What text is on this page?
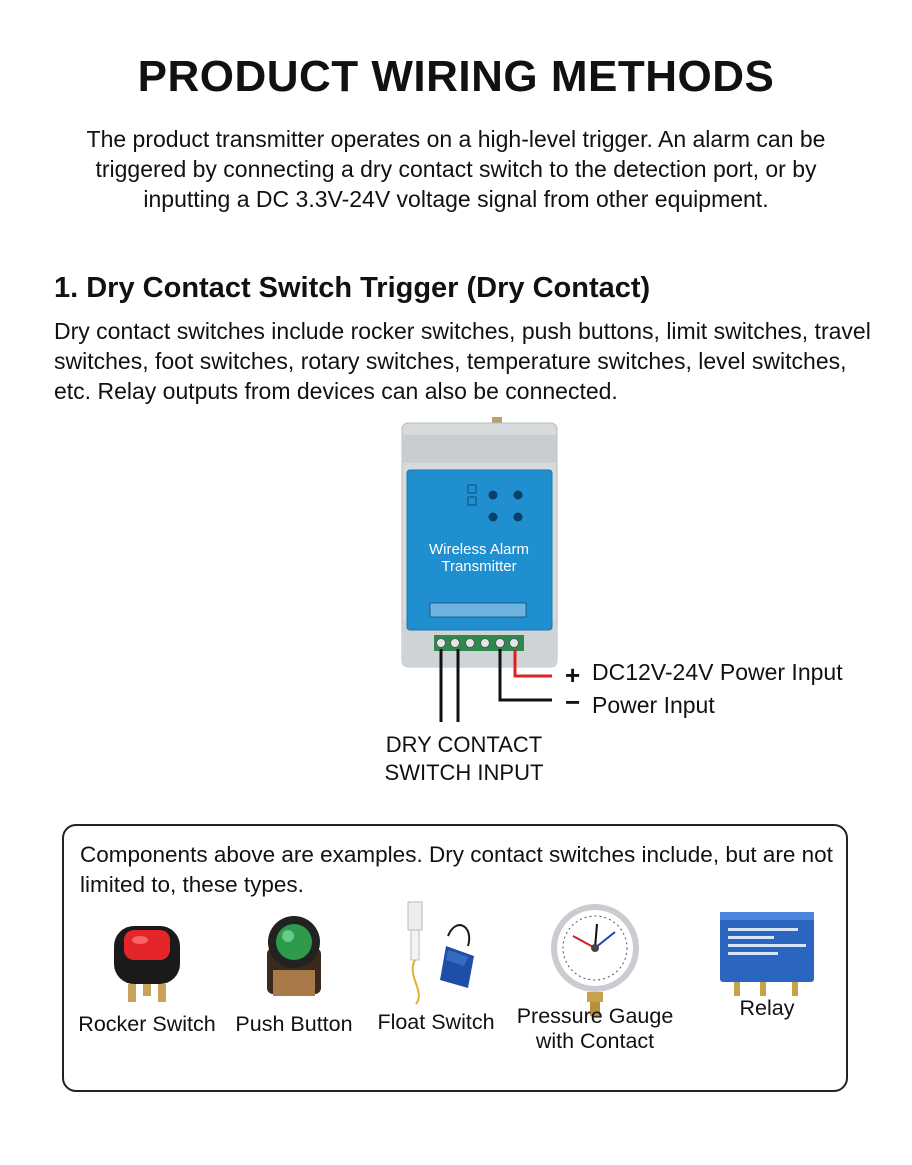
PRODUCT WIRING METHODS

The product transmitter operates on a high-level trigger. An alarm can be triggered by connecting a dry contact switch to the detection port, or by inputting a DC 3.3V-24V voltage signal from other equipment.

1. Dry Contact Switch Trigger (Dry Contact)

Dry contact switches include rocker switches, push buttons, limit switches, travel switches, foot switches, rotary switches, temperature switches, level switches, etc. Relay outputs from devices can also be connected.

Wireless Alarm
Transmitter
+ DC12V-24V Power Input
− Power Input
DRY CONTACT
SWITCH INPUT

Components above are examples. Dry contact switches include, but are not limited to, these types.

Rocker Switch Push Button	Float Switch	Pressure Gauge
with Contact
Relay
